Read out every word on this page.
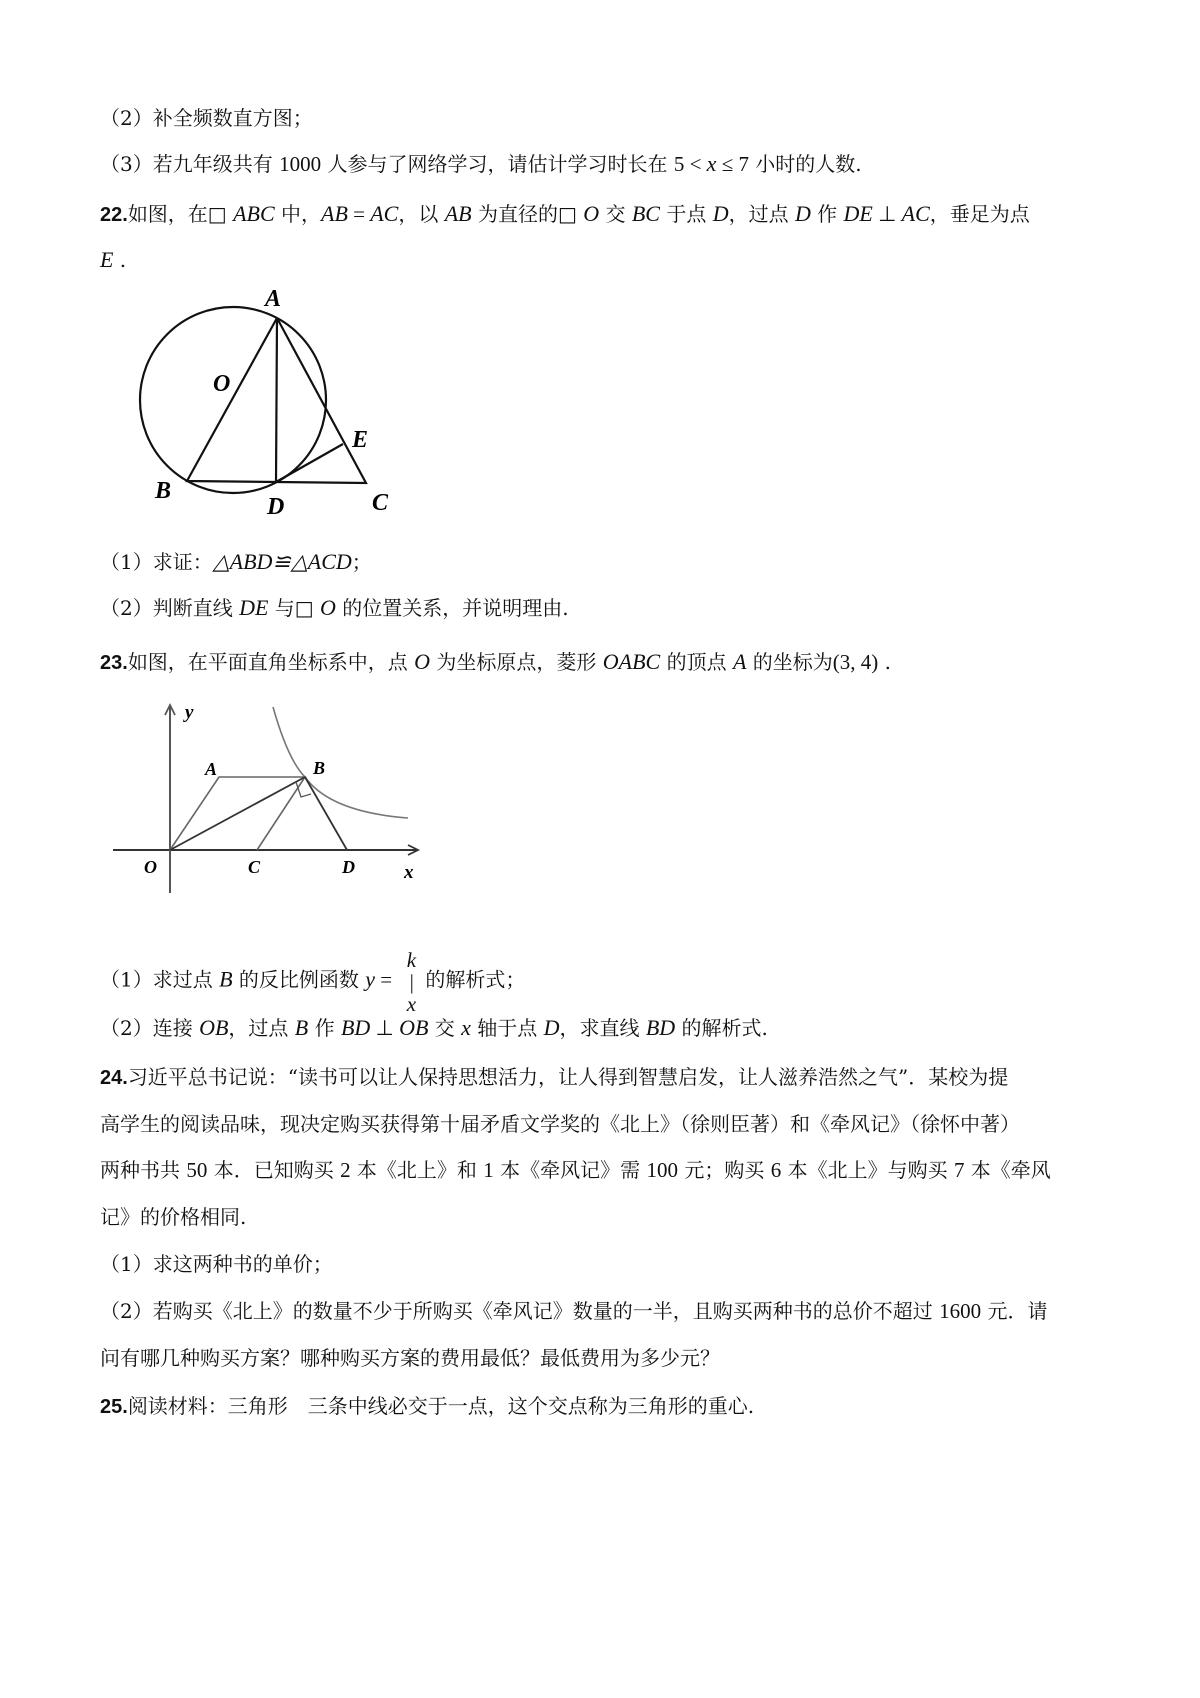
（2）补全频数直方图；
（3）若九年级共有 1000 人参与了网络学习，请估计学习时长在 5 < x ≤ 7 小时的人数.
22.如图，在□ ABC 中，AB = AC，以 AB 为直径的□ O 交 BC 于点 D，过点 D 作 DE ⊥ AC，垂足为点
E .
（1）求证：△ABD≌△ACD；
（2）判断直线 DE 与□ O 的位置关系，并说明理由.
23.如图，在平面直角坐标系中，点 O 为坐标原点，菱形 OABC 的顶点 A 的坐标为(3, 4) .
（1）求过点 B 的反比例函数 y = k|x 的解析式；
（2）连接 OB，过点 B 作 BD ⊥ OB 交 x 轴于点 D，求直线 BD 的解析式.
24.习近平总书记说：“读书可以让人保持思想活力，让人得到智慧启发，让人滋养浩然之气”．某校为提
高学生的阅读品味，现决定购买获得第十届矛盾文学奖的《北上》（徐则臣著）和《牵风记》（徐怀中著）
两种书共 50 本．已知购买 2 本《北上》和 1 本《牵风记》需 100 元；购买 6 本《北上》与购买 7 本《牵风
记》的价格相同.
（1）求这两种书的单价；
（2）若购买《北上》的数量不少于所购买《牵风记》数量的一半，且购买两种书的总价不超过 1600 元．请
问有哪几种购买方案？哪种购买方案的费用最低？最低费用为多少元？
25.阅读材料：三角形　三条中线必交于一点，这个交点称为三角形的重心.
A
O
E
B
D	C
y
A	B
O	C	D	x
